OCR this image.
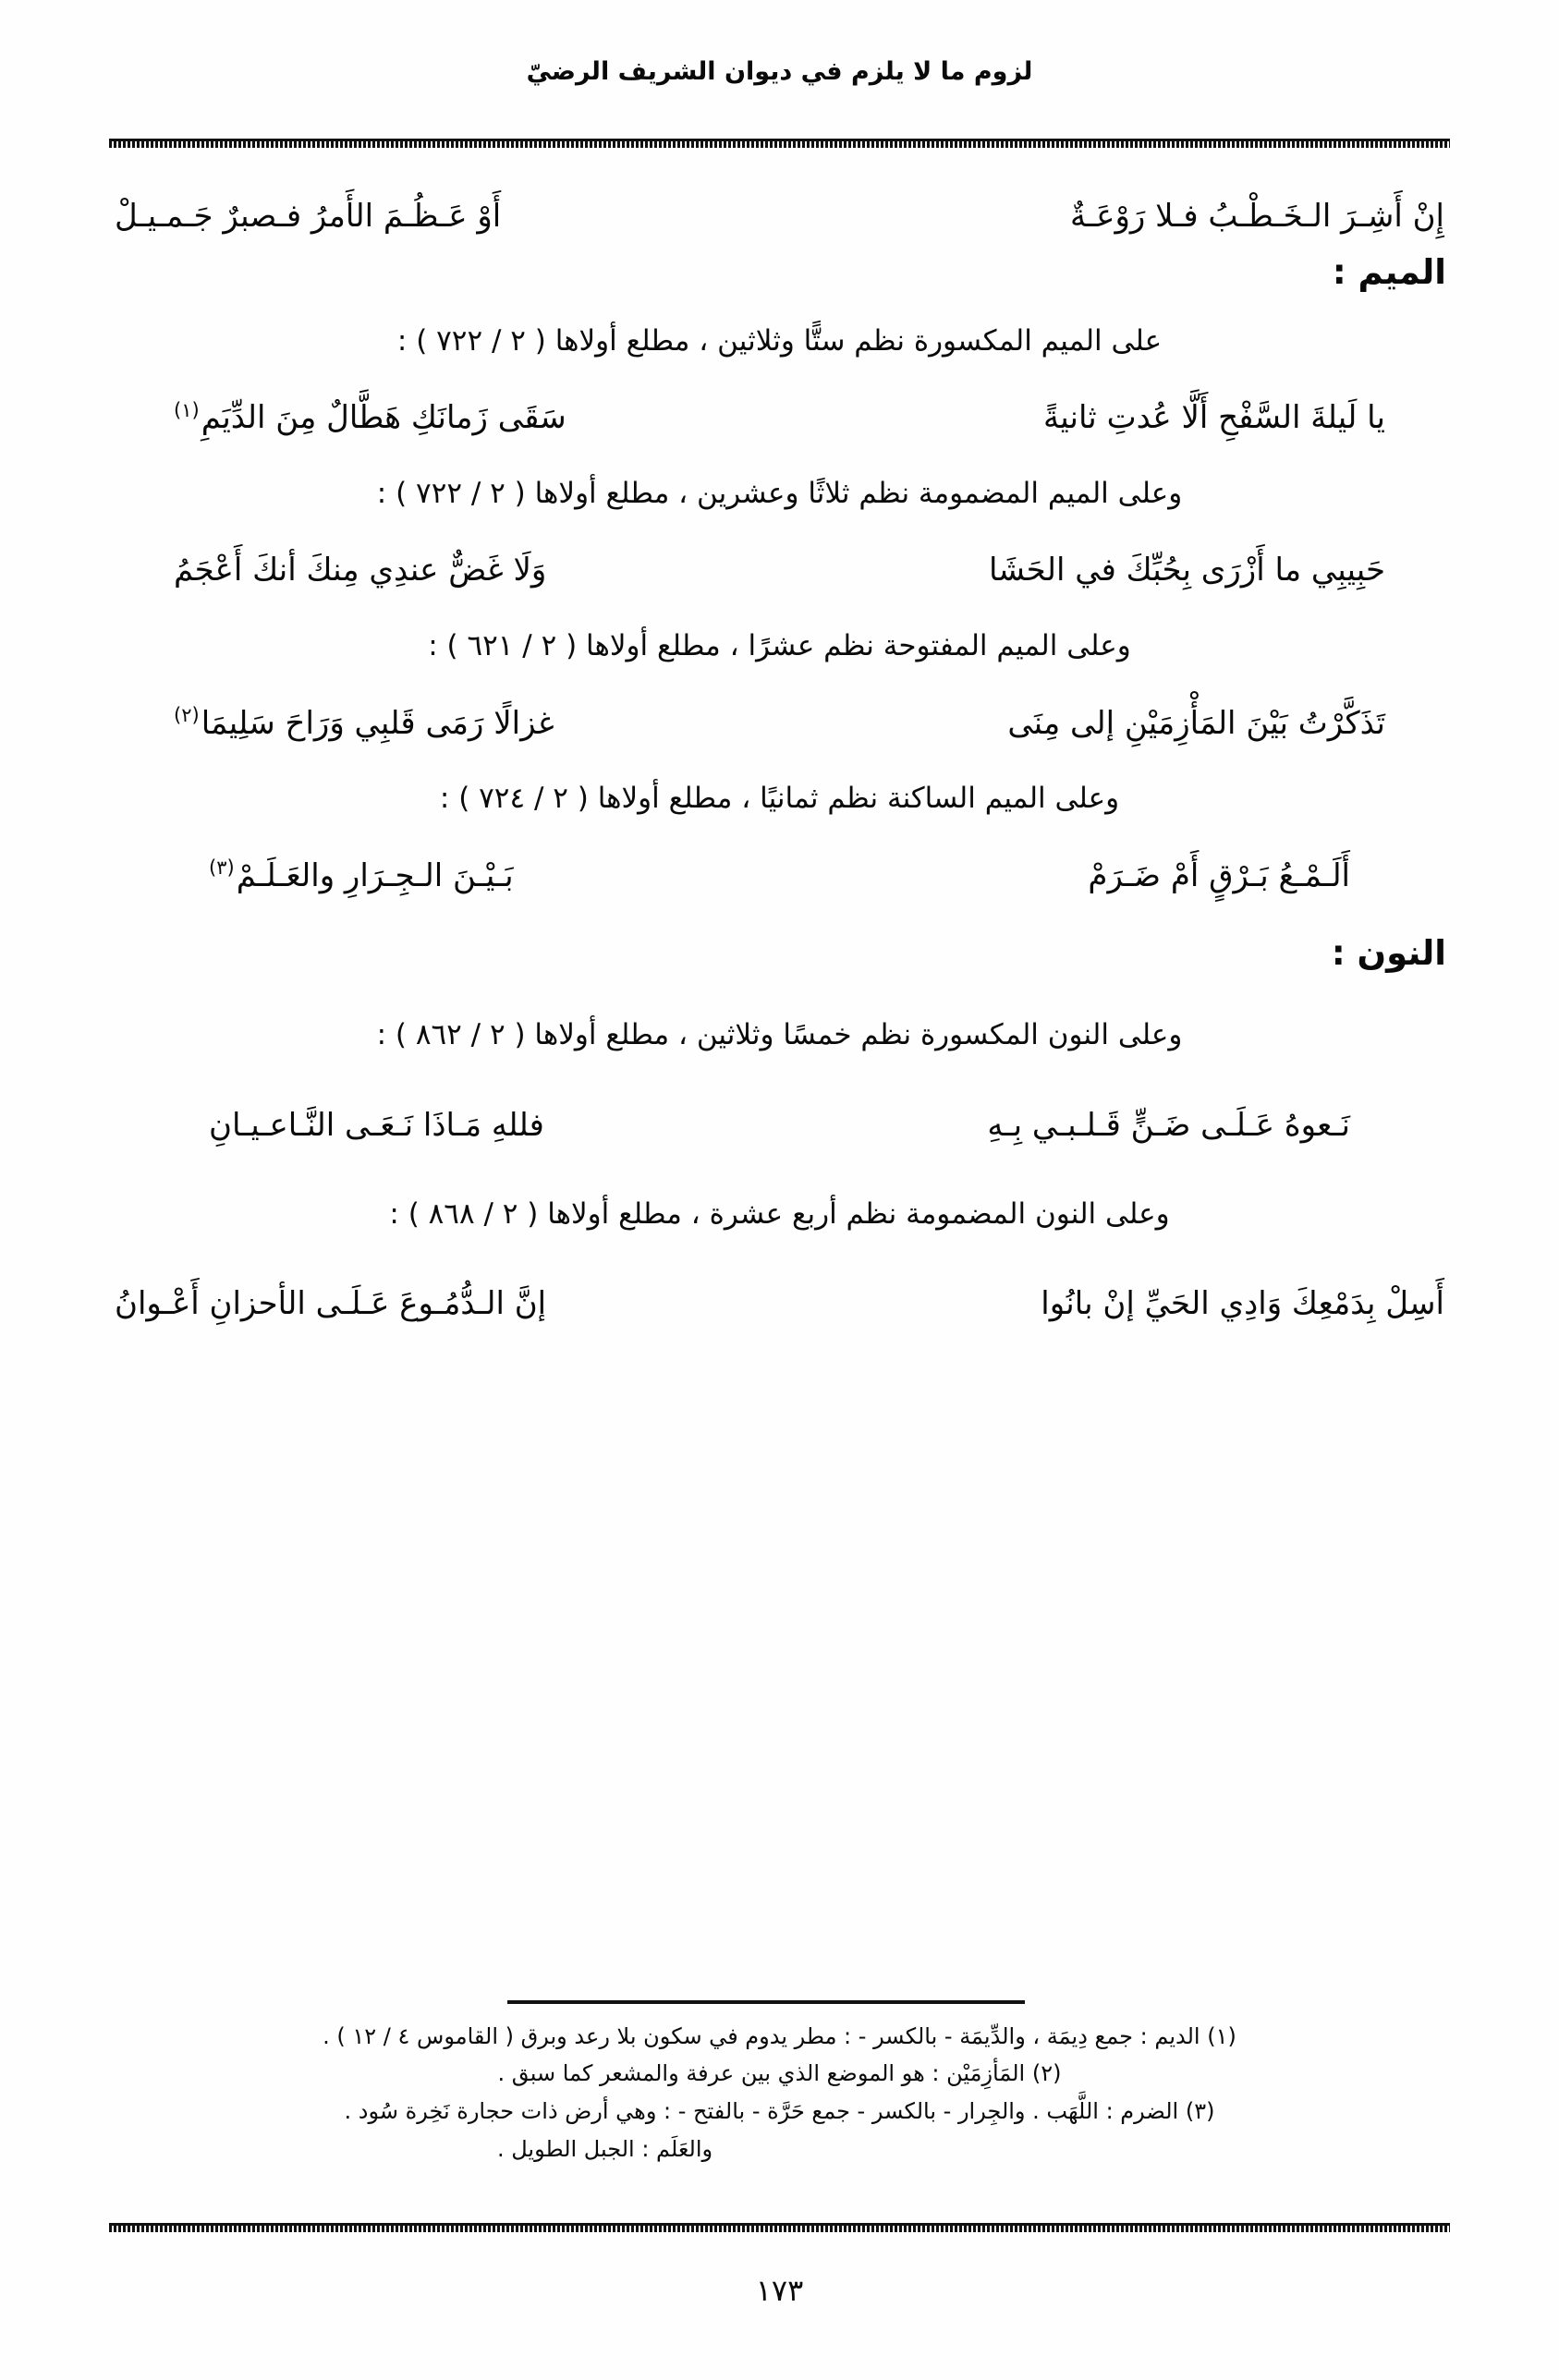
لزوم ما لا يلزم في ديوان الشريف الرضيّ
إِنْ أَشِـرَ الـخَـطْـبُ فـلا رَوْعَـةٌ
أَوْ عَـظُـمَ الأَمرُ فـصبرٌ جَـمـيـلْ
الميم :
على الميم المكسورة نظم ستًّا وثلاثين ، مطلع أولاها ( ٢ / ٧٢٢ ) :
يا لَيلةَ السَّفْحِ أَلَّا عُدتِ ثانيةً
سَقَى زَمانَكِ هَطَّالٌ مِنَ الدِّيَمِ$^{(١)}$
وعلى الميم المضمومة نظم ثلاثًا وعشرين ، مطلع أولاها ( ٢ / ٧٢٢ ) :
حَبِيبِي ما أَزْرَى بِحُبِّكَ في الحَشَا
وَلَا غَضٌّ عندِي مِنكَ أنكَ أَعْجَمُ
وعلى الميم المفتوحة نظم عشرًا ، مطلع أولاها ( ٢ / ٦٢١ ) :
تَذَكَّرْتُ بَيْنَ المَأْزِمَيْنِ إلى مِنَى
غزالًا رَمَى قَلبِي وَرَاحَ سَلِيمَا$^{(٢)}$
وعلى الميم الساكنة نظم ثمانيًا ، مطلع أولاها ( ٢ / ٧٢٤ ) :
أَلَـمْـعُ بَـرْقٍ أَمْ ضَـرَمْ
بَـيْـنَ الـجِـرَارِ والعَـلَـمْ$^{(٣)}$
النون :
وعلى النون المكسورة نظم خمسًا وثلاثين ، مطلع أولاها ( ٢ / ٨٦٢ ) :
نَـعوهُ عَـلَـى ضَـنٍّ قَـلـبـي بِـهِ
فللهِ مَـاذَا نَـعَـى النَّـاعـيـانِ
وعلى النون المضمومة نظم أربع عشرة ، مطلع أولاها ( ٢ / ٨٦٨ ) :
أَسِلْ بِدَمْعِكَ وَادِي الحَيِّ إنْ بانُوا
إنَّ الـدُّمُـوعَ عَـلَـى الأحزانِ أَعْـوانُ
(١) الديم : جمع دِيمَة ، والدِّيمَة - بالكسر - : مطر يدوم في سكون بلا رعد وبرق ( القاموس ٤ / ١٢ ) .
(٢) المَأزِمَيْن : هو الموضع الذي بين عرفة والمشعر كما سبق .
(٣) الضرم : اللَّهَب . والجِرار - بالكسر - جمع حَرَّة - بالفتح - : وهي أرض ذات حجارة نَخِرة سُود .
والعَلَم : الجبل الطويل .
١٧٣
